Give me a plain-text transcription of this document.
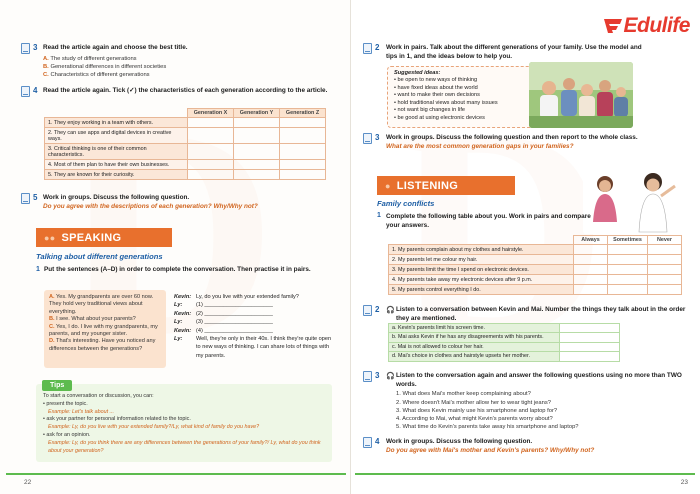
3 Read the article again and choose the best title.
A. The study of different generations
B. Generational differences in different societies
C. Characteristics of different generations
4 Read the article again. Tick (✓) the characteristics of each generation according to the article.
	Generation X	Generation Y	Generation Z
1. They enjoy working in a team with others.			
2. They can use apps and digital devices in creative ways.			
3. Critical thinking is one of their common characteristics.			
4. Most of them plan to have their own businesses.			
5. They are known for their curiosity.			
5 Work in groups. Discuss the following question.
Do you agree with the descriptions of each generation? Why/Why not?
●● SPEAKING
Talking about different generations
1 Put the sentences (A–D) in order to complete the conversation. Then practise it in pairs.
A. Yes. My grandparents are over 60 now. They hold very traditional views about everything.
B. I see. What about your parents?
C. Yes, I do. I live with my grandparents, my parents, and my younger sister.
D. That's interesting. Have you noticed any differences between the generations?
Kevin: Ly, do you live with your extended family?
Ly: (1) ______________________
Kevin: (2) ______________________
Ly: (3) ______________________
Kevin: (4) ______________________
Ly:	Well, they're only in their 40s. I think they're quite open to new ways of thinking. I can share lots of things with my parents.
Tips
To start a conversation or discussion, you can:
• present the topic.
Example: Let's talk about ...
• ask your partner for personal information related to the topic.
Example: Ly, do you live with your extended family?/Ly, what kind of family do you have?
• ask for an opinion.
Example: Ly, do you think there are any differences between the generations of your family?/ Ly, what do you think about your generation?
22
Edulife
2 Work in pairs. Talk about the different generations of your family. Use the model and tips in 1, and the ideas below to help you.
Suggested ideas:
• be open to new ways of thinking
• have fixed ideas about the world
• want to make their own decisions
• hold traditional views about many issues
• not want big changes in life
• be good at using electronic devices
3 Work in groups. Discuss the following question and then report to the whole class.
What are the most common generation gaps in your families?
● LISTENING
Family conflicts
1 Complete the following table about you. Work in pairs and compare your answers.
	Always	Sometimes	Never
1. My parents complain about my clothes and hairstyle.			
2. My parents let me colour my hair.			
3. My parents limit the time I spend on electronic devices.			
4. My parents take away my electronic devices after 9 p.m.			
5. My parents control everything I do.			
2 🎧 Listen to a conversation between Kevin and Mai. Number the things they talk about in the order they are mentioned.
a. Kevin's parents limit his screen time.	
b. Mai asks Kevin if he has any disagreements with his parents.	
c. Mai is not allowed to colour her hair.	
d. Mai's choice in clothes and hairstyle upsets her mother.	
3 🎧 Listen to the conversation again and answer the following questions using no more than TWO words.
1. What does Mai's mother keep complaining about?
2. Where doesn't Mai's mother allow her to wear tight jeans?
3. What does Kevin mainly use his smartphone and laptop for?
4. According to Mai, what might Kevin's parents worry about?
5. What time do Kevin's parents take away his smartphone and laptop?
4 Work in groups. Discuss the following question.
Do you agree with Mai's mother and Kevin's parents? Why/Why not?
23
